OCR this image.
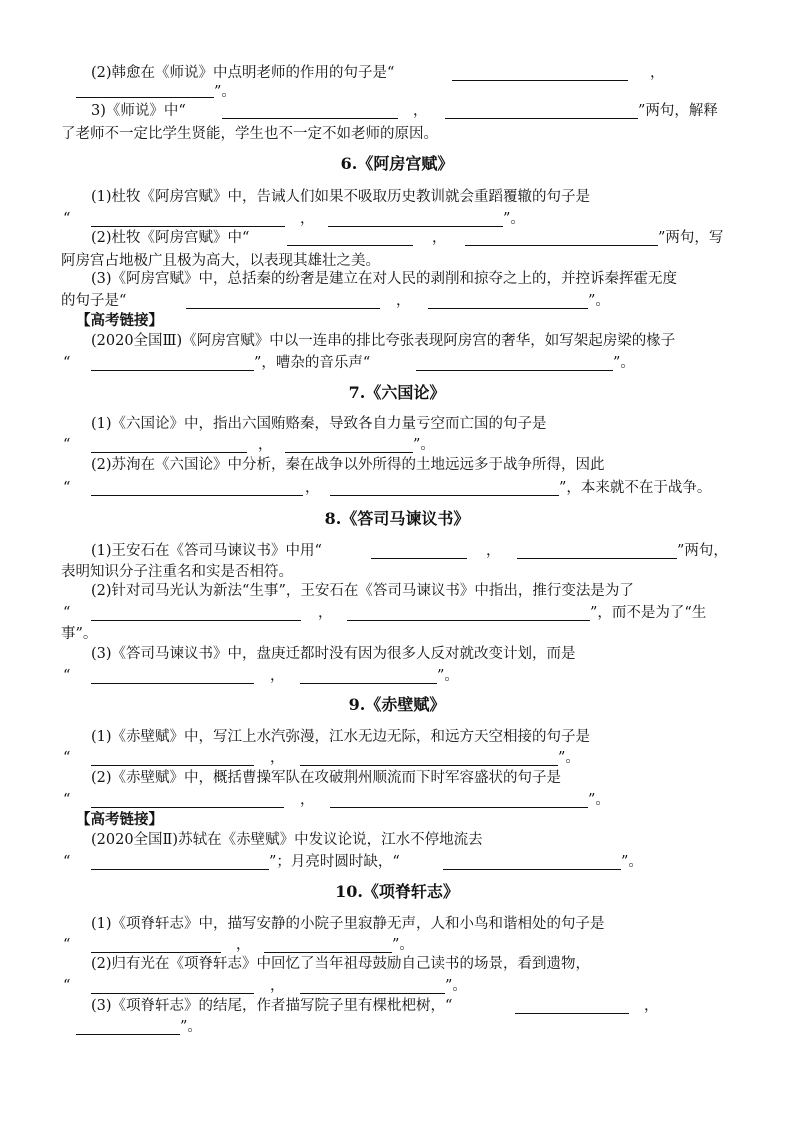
(2)韩愈在《师说》中点明老师的作用的句子是“	，
”。
3)《师说》中“	，	”两句，解释
了老师不一定比学生贤能，学生也不一定不如老师的原因。
6.《阿房宫赋》
(1)杜牧《阿房宫赋》中，告诫人们如果不吸取历史教训就会重蹈覆辙的句子是
“	，	”。
(2)杜牧《阿房宫赋》中“	，	”两句，写
阿房宫占地极广且极为高大，以表现其雄壮之美。
(3)《阿房宫赋》中，总括秦的纷奢是建立在对人民的剥削和掠夺之上的，并控诉秦挥霍无度
的句子是“	，	”。
【高考链接】
(2020全国Ⅲ)《阿房宫赋》中以一连串的排比夸张表现阿房宫的奢华，如写架起房梁的椽子
“	”，嘈杂的音乐声“	”。
7.《六国论》
(1)《六国论》中，指出六国贿赂秦，导致各自力量亏空而亡国的句子是
“	，	”。
(2)苏洵在《六国论》中分析，秦在战争以外所得的土地远远多于战争所得，因此
“	，	”，本来就不在于战争。
8.《答司马谏议书》
(1)王安石在《答司马谏议书》中用“	，	”两句，
表明知识分子注重名和实是否相符。
(2)针对司马光认为新法“生事”，王安石在《答司马谏议书》中指出，推行变法是为了
“	，	”，而不是为了“生
事”。
(3)《答司马谏议书》中，盘庚迁都时没有因为很多人反对就改变计划，而是
“	，	”。
9.《赤壁赋》
(1)《赤壁赋》中，写江上水汽弥漫，江水无边无际，和远方天空相接的句子是
“	，	”。
(2)《赤壁赋》中，概括曹操军队在攻破荆州顺流而下时军容盛状的句子是
“	，	”。
【高考链接】
(2020全国Ⅱ)苏轼在《赤壁赋》中发议论说，江水不停地流去
“	”；月亮时圆时缺，“	”。
10.《项脊轩志》
(1)《项脊轩志》中，描写安静的小院子里寂静无声，人和小鸟和谐相处的句子是
“	，	”。
(2)归有光在《项脊轩志》中回忆了当年祖母鼓励自己读书的场景，看到遗物，
“	，	”。
(3)《项脊轩志》的结尾，作者描写院子里有棵枇杷树，“	，
”。
